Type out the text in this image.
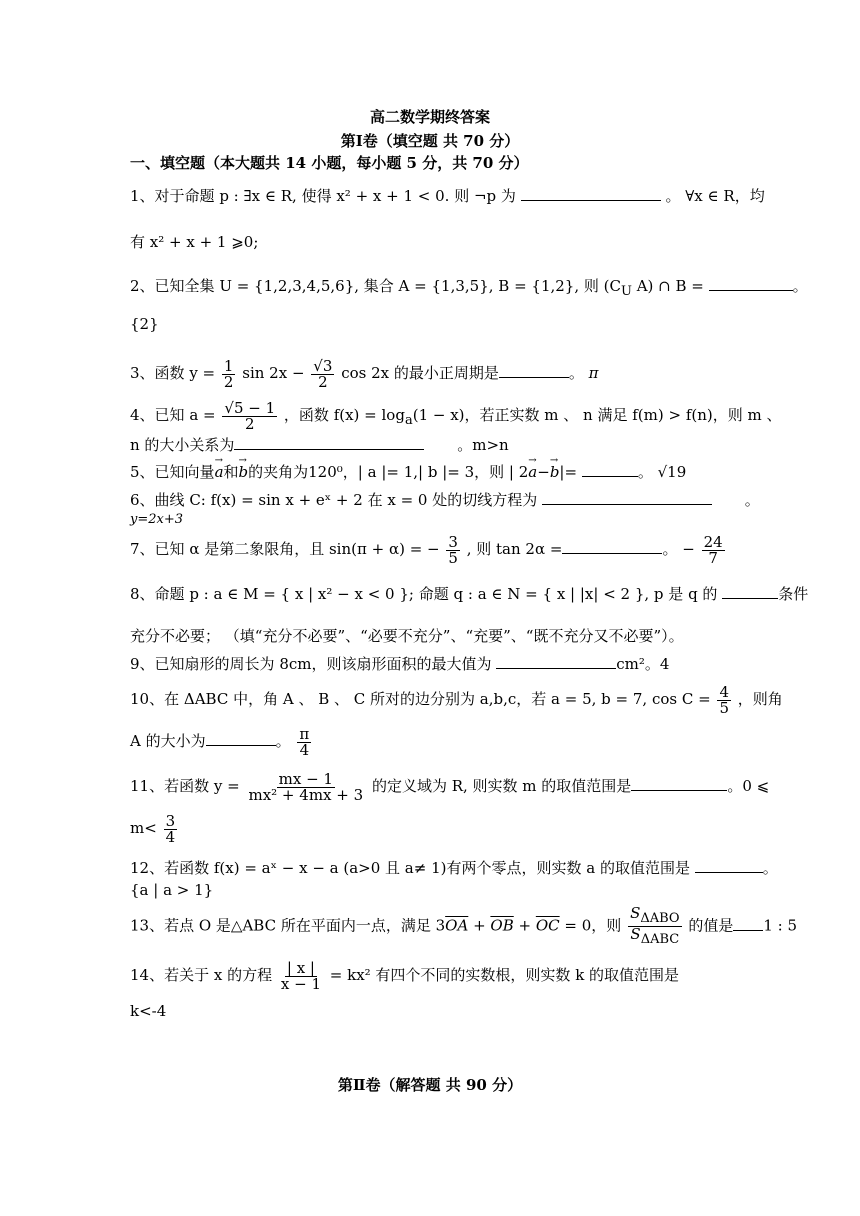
高二数学期终答案
第Ⅰ卷（填空题 共 70 分）
一、填空题（本大题共 14 小题，每小题 5 分，共 70 分）
1、对于命题 p : ∃x ∈ R, 使得 x² + x + 1 < 0. 则 ¬p 为	。 ∀x ∈ R，均
有 x² + x + 1 ⩾0;
2、已知全集 U = {1,2,3,4,5,6}, 集合 A = {1,3,5}, B = {1,2}, 则 ($C_U$ A) ∩ B =	。
{2}
3、函数 $y = \frac{1}{2}$ $\sin 2x - \frac{√3}{2}$ cos 2x 的最小正周期是	。 π
4、已知 $a = \frac{√5 - 1}{2}$ ，函数 $f(x) = \log_a(1 - x)$，若正实数 m 、 n 满足 f(m) > f(n)，则 m 、
n 的大小关系为	。m>n
5、已知向量→ a和→ b的夹角为120⁰，| a |= 1,| b |= 3，则 | 2→ a−→ b|=	。 √19
6、曲线 C: f(x) = sin x + eˣ + 2 在 x = 0 处的切线方程为	。
y=2x+3
7、已知 α 是第二象限角，且 sin(π + α) = − $\frac{3}{5}$ , 则 tan 2α =	。 − $\frac{24}{7}$
8、命题 p : a ∈ M = { x | x² − x < 0 }; 命题 q : a ∈ N = { x | |x| < 2 }, p 是 q 的	条件
充分不必要； （填“充分不必要”、“必要不充分”、“充要”、“既不充分又不必要”）。
9、已知扇形的周长为 8cm，则该扇形面积的最大值为	cm²。4
10、在 ΔABC 中，角 A 、 B 、 C 所对的边分别为 a,b,c，若 a = 5, b = 7, $\cos C = \frac{4}{5}$ ，则角
A 的大小为	。 $\frac{\pi}{4}$
11、若函数 $y = \frac{mx - 1}{\text{mx² + 4mx + 3}}$ 的定义域为 R, 则实数 m 的取值范围是	。0 ⩽
$m< \frac{3}{4}$
12、若函数 f(x) = aˣ − x − a (a>0 且 a≠ 1)有两个零点，则实数 a 的取值范围是	。
{a | a > 1}
13、若点 O 是△ABC 所在平面内一点，满足 $3\overline{OA} + \overline{OB} + \overline{OC} = 0$，则 $\frac{S_{\Delta ABO}}{S_{\Delta ABC}}$ 的值是 1 : 5
14、若关于 x 的方程 $\frac{| x |}{x - 1} = kx^2$ 有四个不同的实数根，则实数 k 的取值范围是
k<-4
第Ⅱ卷（解答题 共 90 分）
